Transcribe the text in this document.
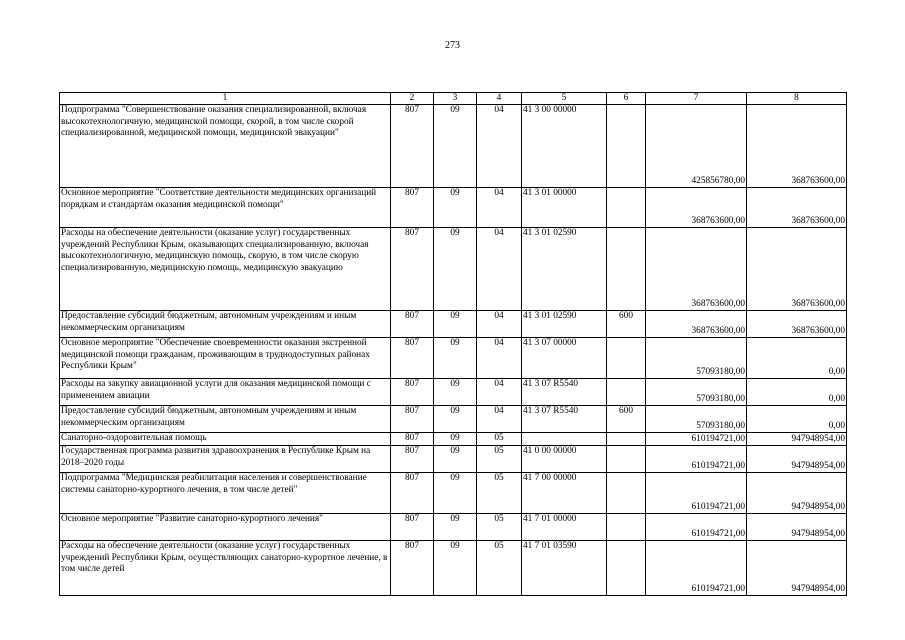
273
1	2	3	4	5	6	7	8
Подпрограмма "Совершенствование оказания специализированной, включая высокотехнологичную, медицинской помощи, скорой, в том числе скорой специализированной, медицинской помощи, медицинской эвакуации"	807	09	04	41 3 00 00000		425856780,00	368763600,00
Основное мероприятие "Соответствие деятельности медицинских организаций порядкам и стандартам оказания медицинской помощи"	807	09	04	41 3 01 00000		368763600,00	368763600,00
Расходы на обеспечение деятельности (оказание услуг) государственных учреждений Республики Крым, оказывающих специализированную, включая высокотехнологичную, медицинскую помощь, скорую, в том числе скорую специализированную, медицинскую помощь, медицинскую эвакуацию	807	09	04	41 3 01 02590		368763600,00	368763600,00
Предоставление субсидий бюджетным, автономным учреждениям и иным некоммерческим организациям	807	09	04	41 3 01 02590	600	368763600,00	368763600,00
Основное мероприятие "Обеспечение своевременности оказания экстренной медицинской помощи гражданам, проживающим в труднодоступных районах Республики Крым"	807	09	04	41 3 07 00000		57093180,00	0,00
Расходы на закупку авиационной услуги для оказания медицинской помощи с применением авиации	807	09	04	41 3 07 R5540		57093180,00	0,00
Предоставление субсидий бюджетным, автономным учреждениям и иным некоммерческим организациям	807	09	04	41 3 07 R5540	600	57093180,00	0,00
Санаторно-оздоровительная помощь	807	09	05			610194721,00	947948954,00
Государственная программа развития здравоохранения в Республике Крым на 2018–2020 годы	807	09	05	41 0 00 00000		610194721,00	947948954,00
Подпрограмма "Медицинская реабилитация населения и совершенствование системы санаторно-курортного лечения, в том числе детей"	807	09	05	41 7 00 00000		610194721,00	947948954,00
Основное мероприятие "Развитие санаторно-курортного лечения"	807	09	05	41 7 01 00000		610194721,00	947948954,00
Расходы на обеспечение деятельности (оказание услуг) государственных учреждений Республики Крым, осуществляющих санаторно-курортное лечение, в том числе детей	807	09	05	41 7 01 03590		610194721,00	947948954,00
